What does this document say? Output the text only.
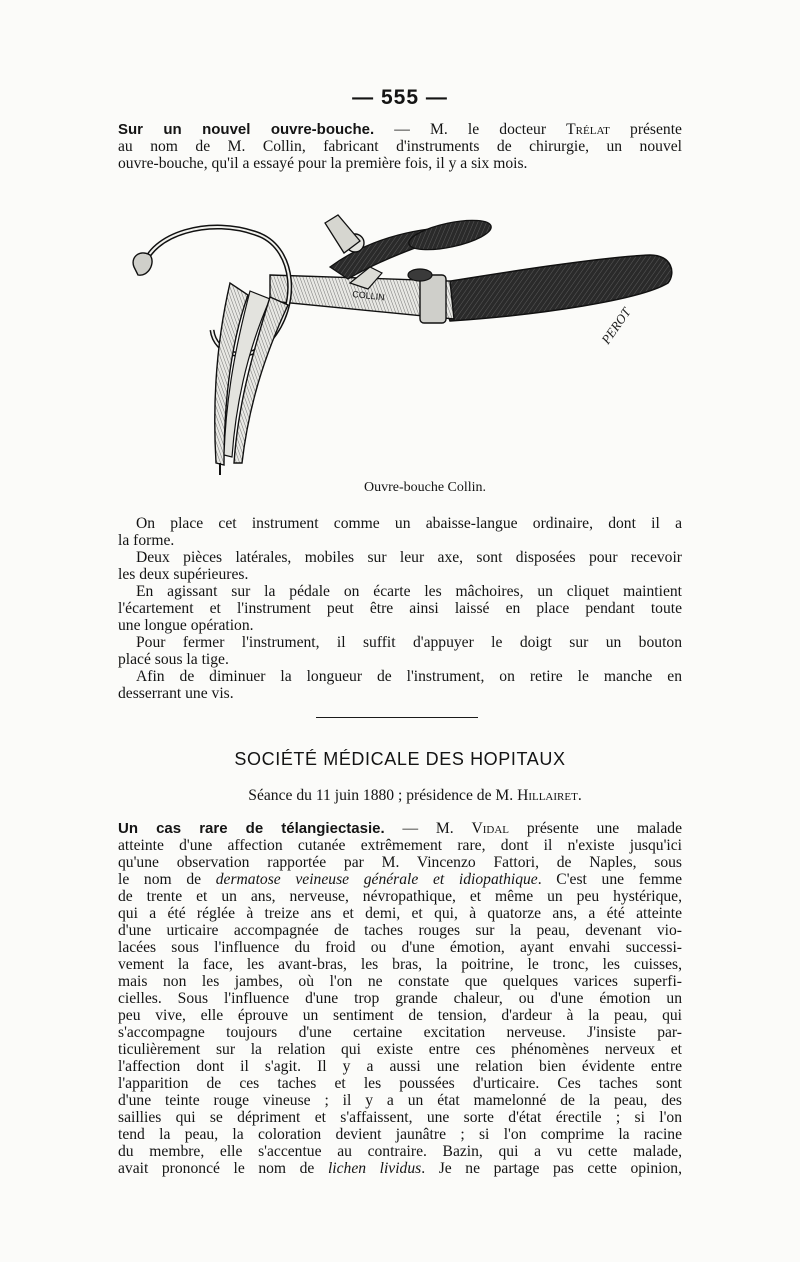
— 555 —
Sur un nouvel ouvre-bouche. — M. le docteur Trélat présente
au nom de M. Collin, fabricant d'instruments de chirurgie, un nouvel
ouvre-bouche, qu'il a essayé pour la première fois, il y a six mois.
COLLIN
PEROT
Ouvre-bouche Collin.
On place cet instrument comme un abaisse-langue ordinaire, dont il a
la forme.
Deux pièces latérales, mobiles sur leur axe, sont disposées pour recevoir
les deux supérieures.
En agissant sur la pédale on écarte les mâchoires, un cliquet maintient
l'écartement et l'instrument peut être ainsi laissé en place pendant toute
une longue opération.
Pour fermer l'instrument, il suffit d'appuyer le doigt sur un bouton
placé sous la tige.
Afin de diminuer la longueur de l'instrument, on retire le manche en
desserrant une vis.
SOCIÉTÉ MÉDICALE DES HOPITAUX
Séance du 11 juin 1880 ; présidence de M. Hillairet.
Un cas rare de télangiectasie. — M. Vidal présente une malade
atteinte d'une affection cutanée extrêmement rare, dont il n'existe jusqu'ici
qu'une observation rapportée par M. Vincenzo Fattori, de Naples, sous
le nom de dermatose veineuse générale et idiopathique. C'est une femme
de trente et un ans, nerveuse, névropathique, et même un peu hystérique,
qui a été réglée à treize ans et demi, et qui, à quatorze ans, a été atteinte
d'une urticaire accompagnée de taches rouges sur la peau, devenant vio-
lacées sous l'influence du froid ou d'une émotion, ayant envahi successi-
vement la face, les avant-bras, les bras, la poitrine, le tronc, les cuisses,
mais non les jambes, où l'on ne constate que quelques varices superfi-
cielles. Sous l'influence d'une trop grande chaleur, ou d'une émotion un
peu vive, elle éprouve un sentiment de tension, d'ardeur à la peau, qui
s'accompagne toujours d'une certaine excitation nerveuse. J'insiste par-
ticulièrement sur la relation qui existe entre ces phénomènes nerveux et
l'affection dont il s'agit. Il y a aussi une relation bien évidente entre
l'apparition de ces taches et les poussées d'urticaire. Ces taches sont
d'une teinte rouge vineuse ; il y a un état mamelonné de la peau, des
saillies qui se dépriment et s'affaissent, une sorte d'état érectile ; si l'on
tend la peau, la coloration devient jaunâtre ; si l'on comprime la racine
du membre, elle s'accentue au contraire. Bazin, qui a vu cette malade,
avait prononcé le nom de lichen lividus. Je ne partage pas cette opinion,
